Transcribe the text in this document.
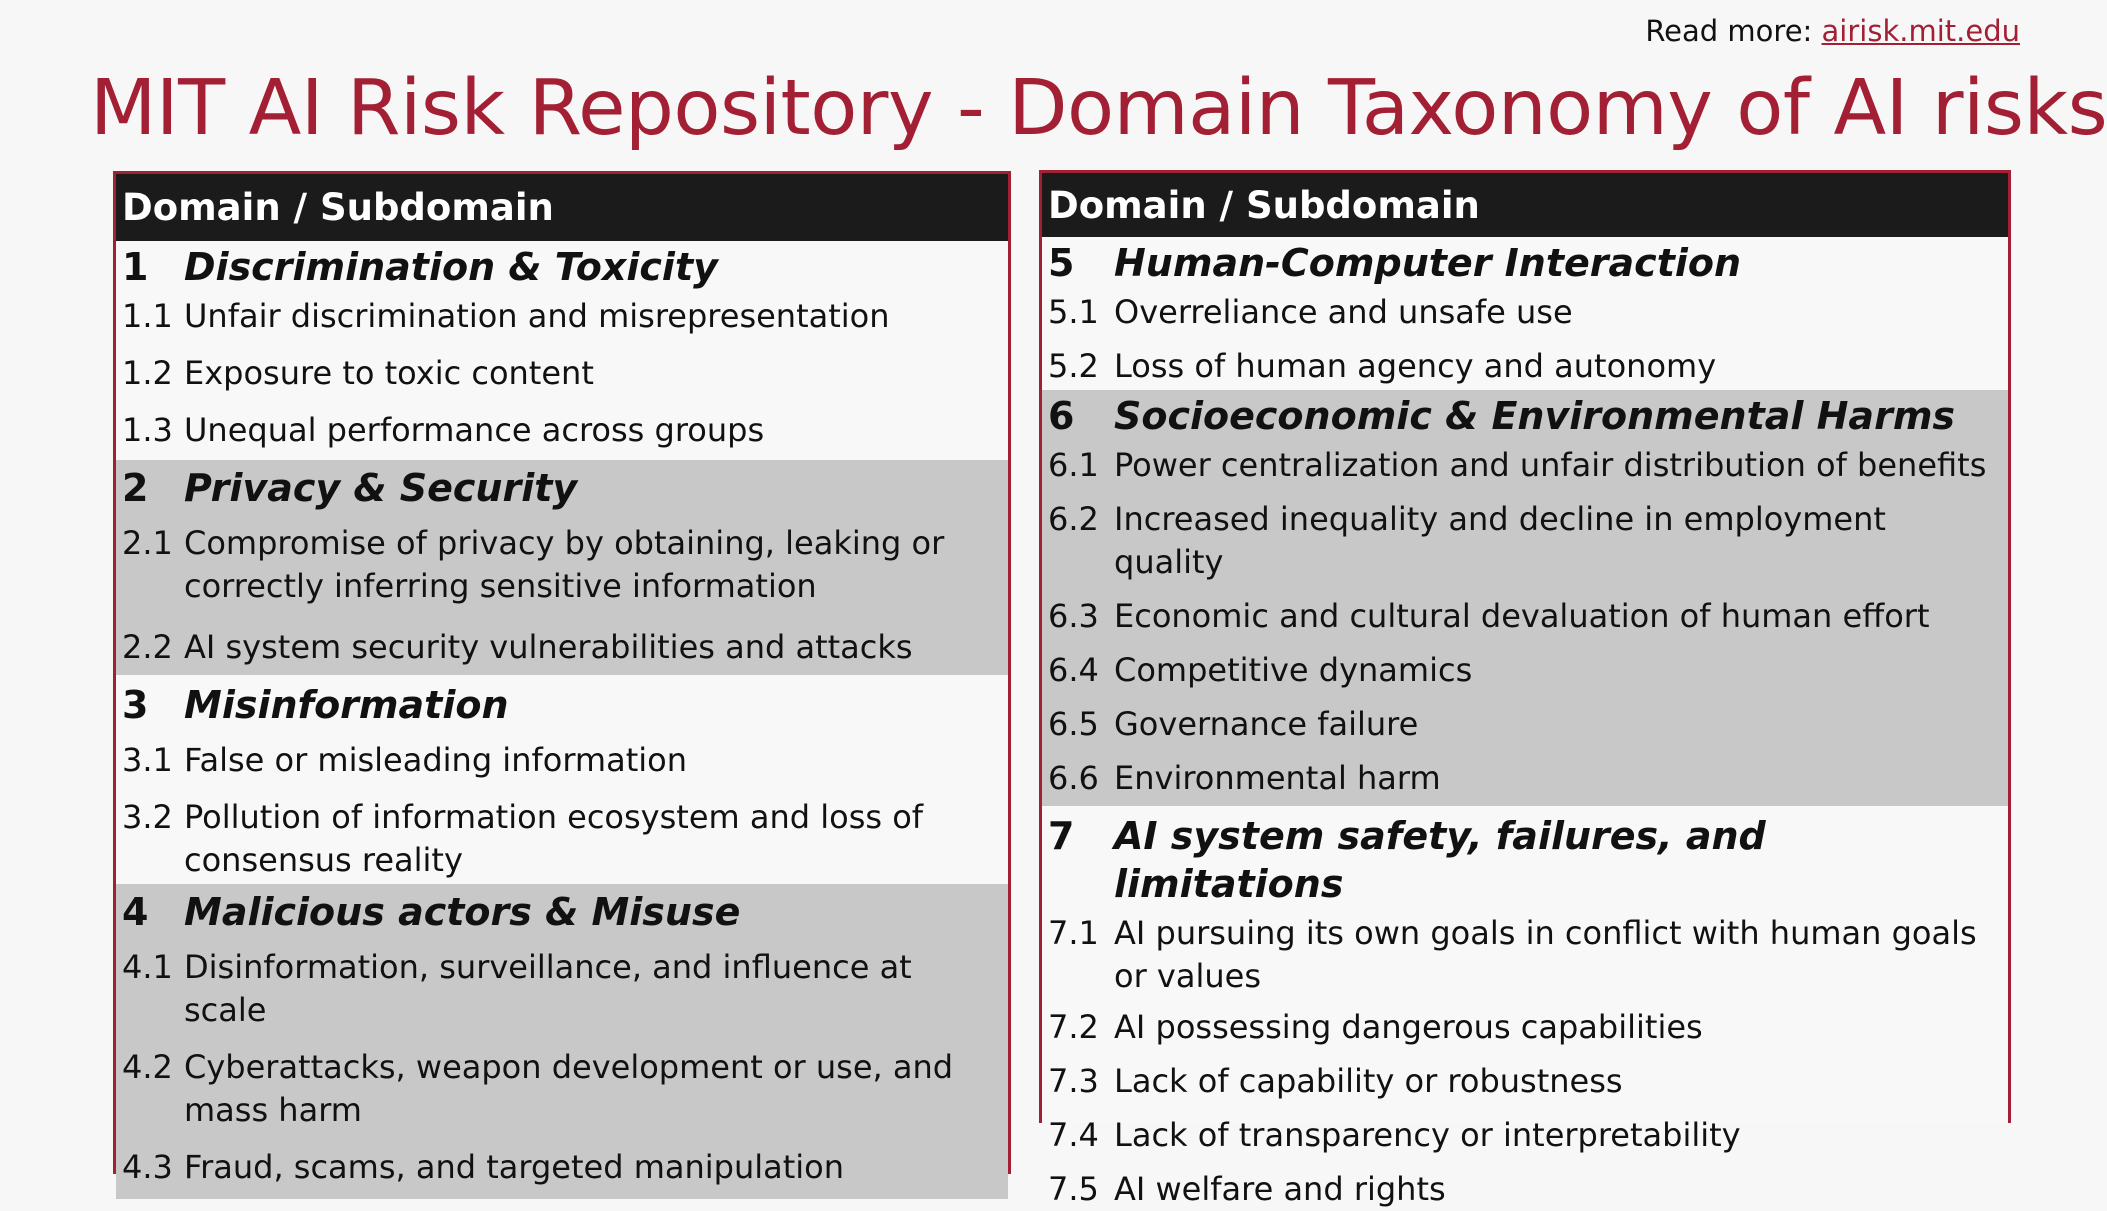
Read more: airisk.mit.edu
MIT AI Risk Repository - Domain Taxonomy of AI risks
Domain / Subdomain
1 Discrimination & Toxicity
1.1 Unfair discrimination and misrepresentation
1.2 Exposure to toxic content
1.3 Unequal performance across groups
2 Privacy & Security
2.1 Compromise of privacy by obtaining, leaking or correctly inferring sensitive information
2.2 AI system security vulnerabilities and attacks
3 Misinformation
3.1 False or misleading information
3.2 Pollution of information ecosystem and loss of consensus reality
4 Malicious actors & Misuse
4.1 Disinformation, surveillance, and influence at scale
4.2 Cyberattacks, weapon development or use, and mass harm
4.3 Fraud, scams, and targeted manipulation
Domain / Subdomain
5	Human-Computer Interaction
5.1 Overreliance and unsafe use
5.2 Loss of human agency and autonomy
6	Socioeconomic & Environmental Harms
6.1 Power centralization and unfair distribution of benefits
6.2 Increased inequality and decline in employment quality
6.3 Economic and cultural devaluation of human effort
6.4 Competitive dynamics
6.5 Governance failure
6.6 Environmental harm
7	AI system safety, failures, and limitations
7.1 AI pursuing its own goals in conflict with human goals or values
7.2 AI possessing dangerous capabilities
7.3 Lack of capability or robustness
7.4 Lack of transparency or interpretability
7.5 AI welfare and rights
